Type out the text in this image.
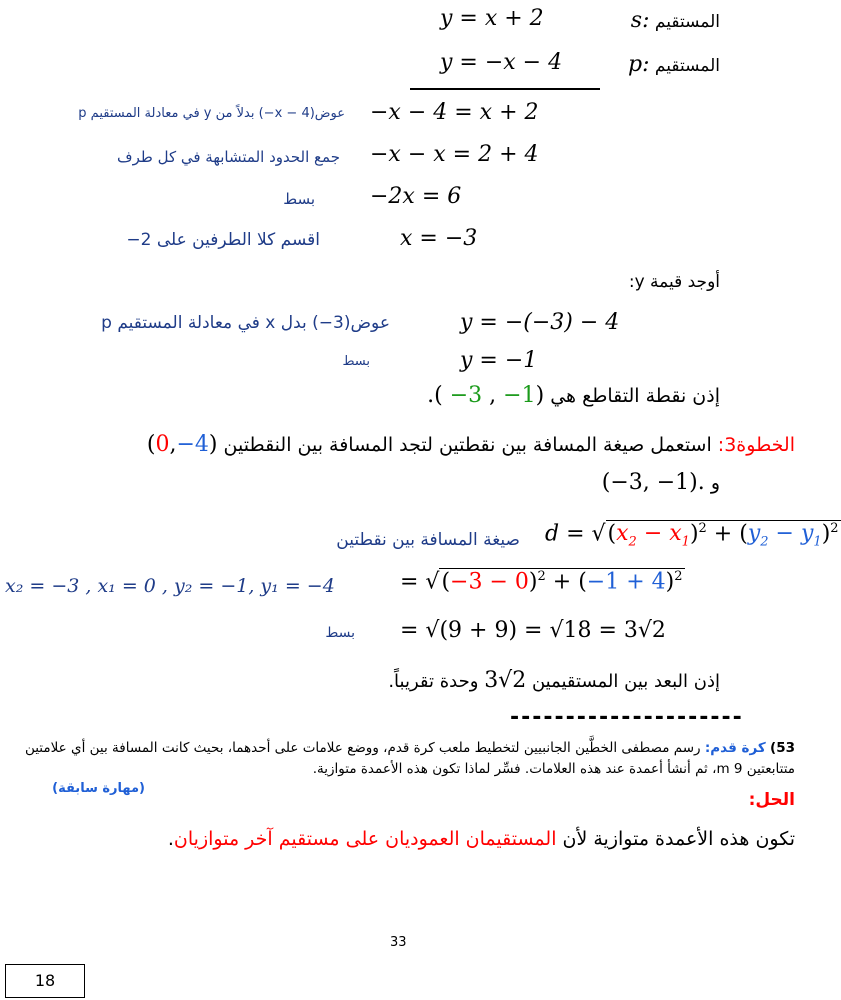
المستقيم :s
y = x + 2
المستقيم :p
y = −x − 4
−x − 4 = x + 2
عوض(4 − x−) بدلاً من y في معادلة المستقيم p
−x − x = 2 + 4
جمع الحدود المتشابهة في كل طرف
−2x = 6
بسط
x = −3
اقسم كلا الطرفين على 2−
أوجد قيمة y:
y = −(−3) − 4
عوض(3−) بدل x في معادلة المستقيم p
y = −1
بسط
إذن نقطة التقاطع هي .( −3 , −1)
الخطوة3: استعمل صيغة المسافة بين نقطتين لتجد المسافة بين النقطتين (0,−4)
و (−3, −1).
صيغة المسافة بين نقطتين $d = √(x_2 - x_1)^2 + (y_2 - y_1)^2$
x₂ = −3 , x₁ = 0 , y₂ = −1, y₁ = −4	= $√(-3 - 0)^2 + (-1 + 4)^2$
بسط = √(9 + 9) = √18 = 3√2
إذن البعد بين المستقيمين 3√2 وحدة تقريباً.
---------------------
53) كرة قدم: رسم مصطفى الخطَّين الجانبيين لتخطيط ملعب كرة قدم، ووضع علامات على أحدهما، بحيث كانت المسافة بين أي علامتين متتابعتين 9 m، ثم أنشأ أعمدة عند هذه العلامات. فسِّر لماذا تكون هذه الأعمدة متوازية.
(مهارة سابقة)
الحل:
تكون هذه الأعمدة متوازية لأن المستقيمان العموديان على مستقيم آخر متوازيان.
33
18
